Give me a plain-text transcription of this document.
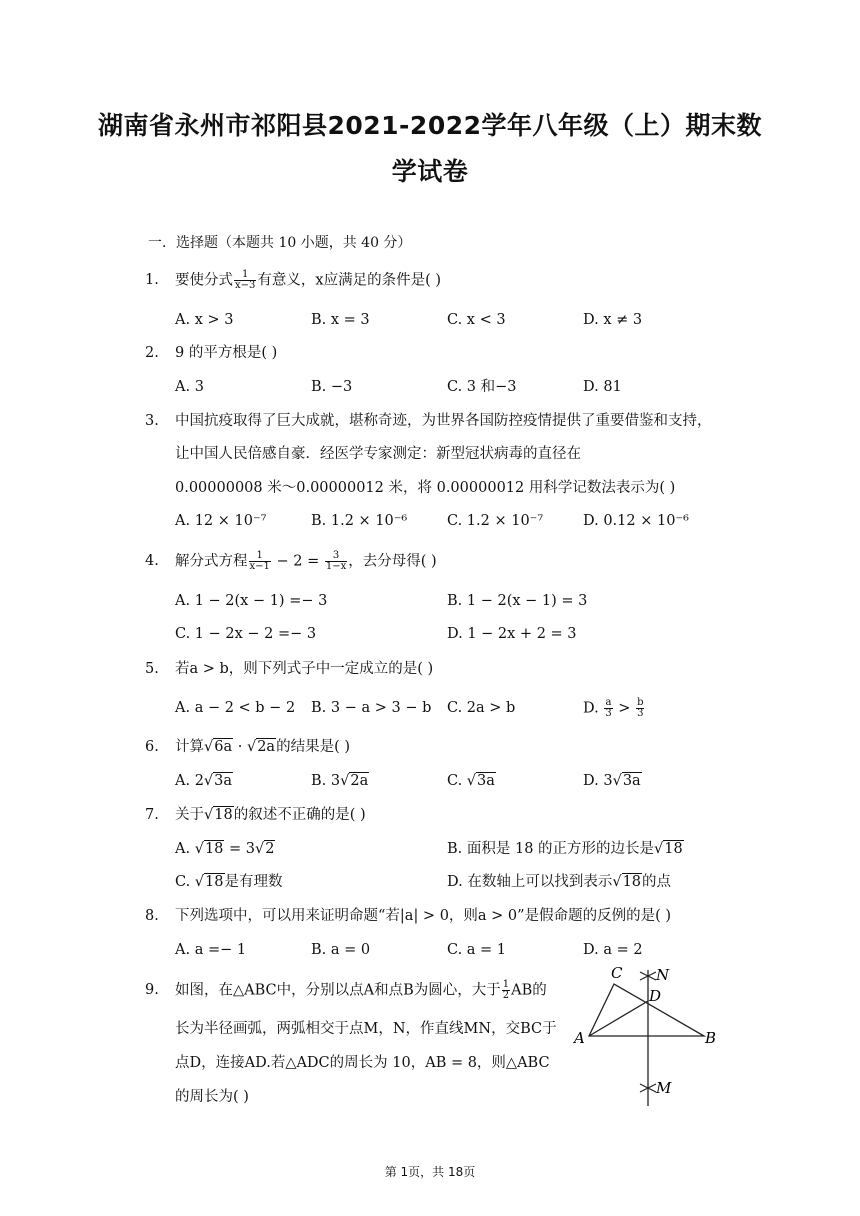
湖南省永州市祁阳县2021-2022学年八年级（上）期末数
学试卷
一．选择题（本题共 10 小题，共 40 分）
1. 要使分式 $\frac{1}{x-3}$ 有意义，x应满足的条件是( )
A. x > 3	B. x = 3	C. x < 3	D. x ≠ 3
2. 9 的平方根是( )
A. 3	B. −3	C. 3 和−3	D. 81
3. 中国抗疫取得了巨大成就，堪称奇迹，为世界各国防控疫情提供了重要借鉴和支持，
让中国人民倍感自豪．经医学专家测定：新型冠状病毒的直径在
0.00000008 米～0.00000012 米，将 0.00000012 用科学记数法表示为( )
A. 12 × 10⁻⁷	B. 1.2 × 10⁻⁶	C. 1.2 × 10⁻⁷	D. 0.12 × 10⁻⁶
4. 解分式方程 $\frac{1}{x-1} - 2 = \frac{3}{1-x}$ ，去分母得( )
A. 1 − 2(x − 1) =− 3	B. 1 − 2(x − 1) = 3
C. 1 − 2x − 2 =− 3	D. 1 − 2x + 2 = 3
5. 若a > b，则下列式子中一定成立的是( )
A. a − 2 < b − 2 B. 3 − a > 3 − b C. 2a > b	D. $\frac{a}{3} > \frac{b}{3}$
6. 计算√6a · √2a的结果是( )
A. 2√3a	B. 3√2a	C. √3a	D. 3√3a
7. 关于√18的叙述不正确的是( )
A. √18 = 3√2	B. 面积是 18 的正方形的边长是√18
C. √18是有理数	D. 在数轴上可以找到表示√18的点
8. 下列选项中，可以用来证明命题“若|a| > 0，则a > 0”是假命题的反例的是( )
A. a =− 1	B. a = 0	C. a = 1	D. a = 2
9. 如图，在△ABC中，分别以点A和点B为圆心，大于 $\frac{1}{2}$ AB的
长为半径画弧，两弧相交于点M，N，作直线MN，交BC于
点D，连接AD.若△ADC的周长为 10，AB = 8，则△ABC
的周长为( )
C N
D
A	B
M
第 1页，共 18页
